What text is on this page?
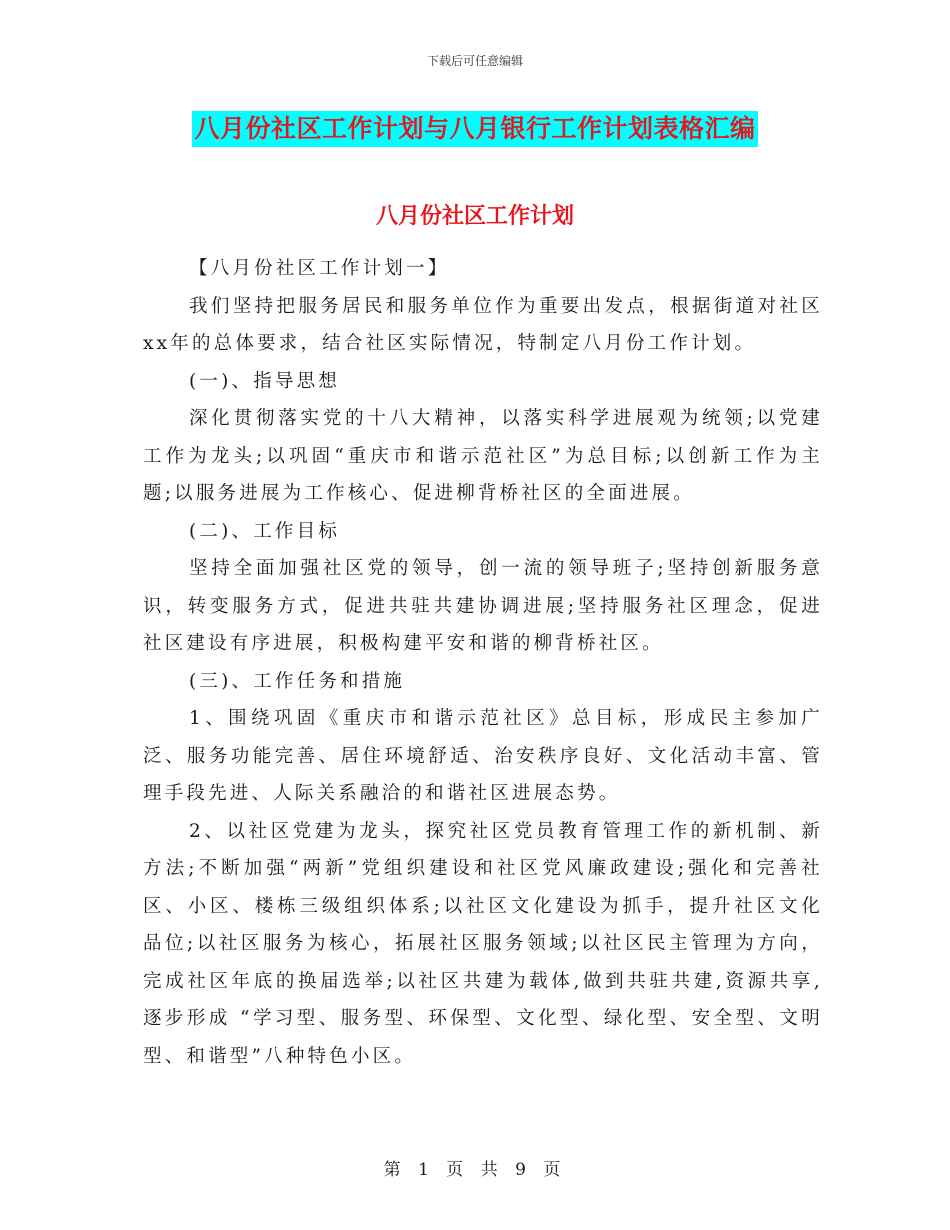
下载后可任意编辑
八月份社区工作计划与八月银行工作计划表格汇编
八月份社区工作计划

【八月份社区工作计划一】

我们坚持把服务居民和服务单位作为重要出发点，根据街道对社区xx年的总体要求，结合社区实际情况，特制定八月份工作计划。

(一)、指导思想

深化贯彻落实党的十八大精神，以落实科学进展观为统领;以党建工作为龙头;以巩固“重庆市和谐示范社区”为总目标;以创新工作为主题;以服务进展为工作核心、促进柳背桥社区的全面进展。

(二)、工作目标

坚持全面加强社区党的领导，创一流的领导班子;坚持创新服务意识，转变服务方式，促进共驻共建协调进展;坚持服务社区理念，促进社区建设有序进展，积极构建平安和谐的柳背桥社区。

(三)、工作任务和措施

1、围绕巩固《重庆市和谐示范社区》总目标，形成民主参加广泛、服务功能完善、居住环境舒适、治安秩序良好、文化活动丰富、管理手段先进、人际关系融洽的和谐社区进展态势。

2、以社区党建为龙头，探究社区党员教育管理工作的新机制、新方法;不断加强“两新”党组织建设和社区党风廉政建设;强化和完善社区、小区、楼栋三级组织体系;以社区文化建设为抓手，提升社区文化品位;以社区服务为核心，拓展社区服务领域;以社区民主管理为方向，完成社区年底的换届选举;以社区共建为载体,做到共驻共建,资源共享,逐步形成 “学习型、服务型、环保型、文化型、绿化型、安全型、文明型、和谐型”八种特色小区。

第 1 页 共 9 页
